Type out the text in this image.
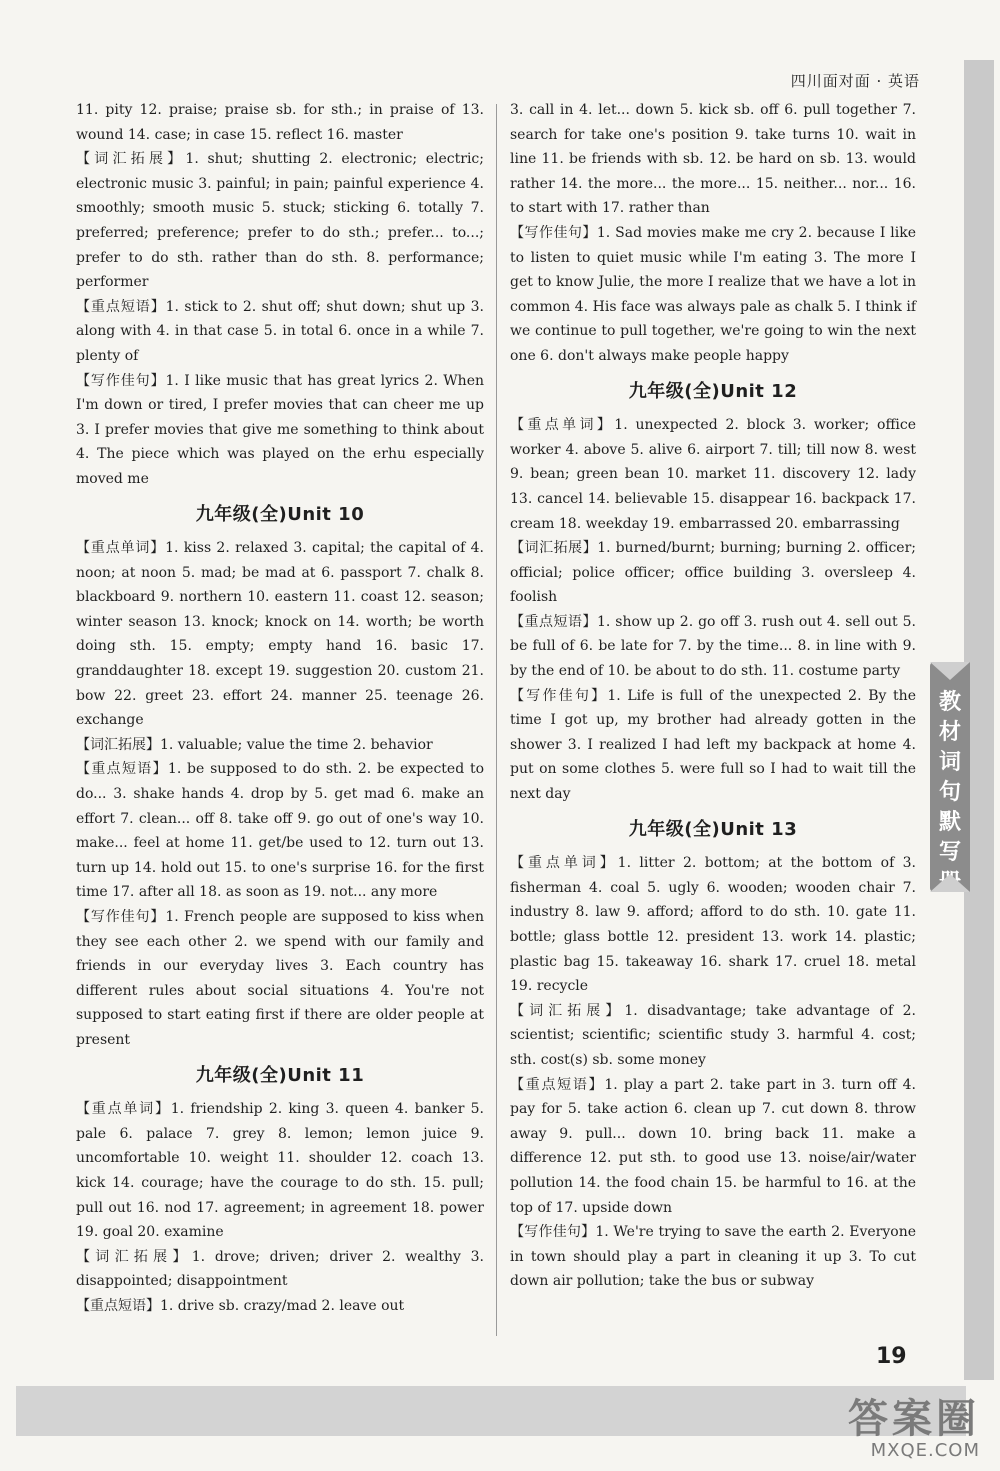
四川面对面 · 英语

11. pity 12. praise; praise sb. for sth.; in praise of 13. wound 14. case; in case 15. reflect 16. master

【词汇拓展】1. shut; shutting 2. electronic; electric; electronic music 3. painful; in pain; painful experience 4. smoothly; smooth music 5. stuck; sticking 6. totally 7. preferred; preference; prefer to do sth.; prefer... to...; prefer to do sth. rather than do sth. 8. performance; performer

【重点短语】1. stick to 2. shut off; shut down; shut up 3. along with 4. in that case 5. in total 6. once in a while 7. plenty of

【写作佳句】1. I like music that has great lyrics 2. When I'm down or tired, I prefer movies that can cheer me up 3. I prefer movies that give me something to think about 4. The piece which was played on the erhu especially moved me

九年级(全)Unit 10

【重点单词】1. kiss 2. relaxed 3. capital; the capital of 4. noon; at noon 5. mad; be mad at 6. passport 7. chalk 8. blackboard 9. northern 10. eastern 11. coast 12. season; winter season 13. knock; knock on 14. worth; be worth doing sth. 15. empty; empty hand 16. basic 17. granddaughter 18. except 19. suggestion 20. custom 21. bow 22. greet 23. effort 24. manner 25. teenage 26. exchange

【词汇拓展】1. valuable; value the time 2. behavior

【重点短语】1. be supposed to do sth. 2. be expected to do... 3. shake hands 4. drop by 5. get mad 6. make an effort 7. clean... off 8. take off 9. go out of one's way 10. make... feel at home 11. get/be used to 12. turn out 13. turn up 14. hold out 15. to one's surprise 16. for the first time 17. after all 18. as soon as 19. not... any more

【写作佳句】1. French people are supposed to kiss when they see each other 2. we spend with our family and friends in our everyday lives 3. Each country has different rules about social situations 4. You're not supposed to start eating first if there are older people at present

九年级(全)Unit 11

【重点单词】1. friendship 2. king 3. queen 4. banker 5. pale 6. palace 7. grey 8. lemon; lemon juice 9. uncomfortable 10. weight 11. shoulder 12. coach 13. kick 14. courage; have the courage to do sth. 15. pull; pull out 16. nod 17. agreement; in agreement 18. power 19. goal 20. examine

【词汇拓展】1. drove; driven; driver 2. wealthy 3. disappointed; disappointment

【重点短语】1. drive sb. crazy/mad 2. leave out

3. call in 4. let... down 5. kick sb. off 6. pull together 7. search for take one's position 9. take turns 10. wait in line 11. be friends with sb. 12. be hard on sb. 13. would rather 14. the more... the more... 15. neither... nor... 16. to start with 17. rather than

【写作佳句】1. Sad movies make me cry 2. because I like to listen to quiet music while I'm eating 3. The more I get to know Julie, the more I realize that we have a lot in common 4. His face was always pale as chalk 5. I think if we continue to pull together, we're going to win the next one 6. don't always make people happy

九年级(全)Unit 12

【重点单词】1. unexpected 2. block 3. worker; office worker 4. above 5. alive 6. airport 7. till; till now 8. west 9. bean; green bean 10. market 11. discovery 12. lady 13. cancel 14. believable 15. disappear 16. backpack 17. cream 18. weekday 19. embarrassed 20. embarrassing

【词汇拓展】1. burned/burnt; burning; burning 2. officer; official; police officer; office building 3. oversleep 4. foolish

【重点短语】1. show up 2. go off 3. rush out 4. sell out 5. be full of 6. be late for 7. by the time... 8. in line with 9. by the end of 10. be about to do sth. 11. costume party

【写作佳句】1. Life is full of the unexpected 2. By the time I got up, my brother had already gotten in the shower 3. I realized I had left my backpack at home 4. put on some clothes 5. were full so I had to wait till the next day

九年级(全)Unit 13

【重点单词】1. litter 2. bottom; at the bottom of 3. fisherman 4. coal 5. ugly 6. wooden; wooden chair 7. industry 8. law 9. afford; afford to do sth. 10. gate 11. bottle; glass bottle 12. president 13. work 14. plastic; plastic bag 15. takeaway 16. shark 17. cruel 18. metal 19. recycle

【词汇拓展】1. disadvantage; take advantage of 2. scientist; scientific; scientific study 3. harmful 4. cost; sth. cost(s) sb. some money

【重点短语】1. play a part 2. take part in 3. turn off 4. pay for 5. take action 6. clean up 7. cut down 8. throw away 9. pull... down 10. bring back 11. make a difference 12. put sth. to good use 13. noise/air/water pollution 14. the food chain 15. be harmful to 16. at the top of 17. upside down

【写作佳句】1. We're trying to save the earth 2. Everyone in town should play a part in cleaning it up 3. To cut down air pollution; take the bus or subway

教材词句默写册
19
答案圈
MXQE.COM
